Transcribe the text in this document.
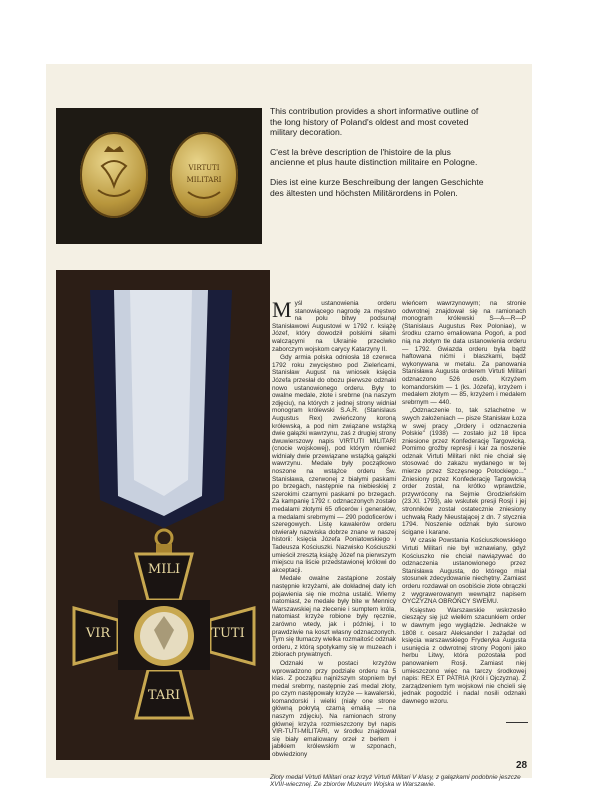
VIRTUTI
MILITARI

This contribution provides a short informative outline of the long history of Poland's oldest and most coveted military decoration.

C'est la brève description de l'histoire de la plus ancienne et plus haute distinction militaire en Pologne.

Dies ist eine kurze Beschreibung der langen Geschichte des ältesten und höchsten Militärordens in Polen.

MILI
VIR	TUTI
TARI

Myśl ustanowienia orderu stanowiącego nagrodę za męstwo na polu bitwy podsunął Stanisławowi Augustowi w 1792 r. książę Józef, który dowodził polskimi siłami walczącymi na Ukrainie przeciwko zaborczym wojskom carycy Katarzyny II.

Gdy armia polska odniosła 18 czerwca 1792 roku zwycięstwo pod Zieleńcami, Stanisław August na wniosek księcia Józefa przesłał do obozu pierwsze odznaki nowo ustanowionego orderu. Były to owalne medale, złote i srebrne (na naszym zdjęciu), na których z jednej strony widniał monogram królewski S.A.R. (Stanislaus Augustus Rex) zwieńczony koroną królewską, a pod nim związane wstążką dwie gałązki wawrzynu, zaś z drugiej strony dwuwierszowy napis VIRTUTI MILITARI (cnocie wojskowej), pod którym również widniały dwie przewiązane wstążką gałązki wawrzynu. Medale były początkowo noszone na wstążce orderu Św. Stanisława, czerwonej z białymi paskami po brzegach, następnie na niebieskiej z szerokimi czarnymi paskami po brzegach. Za kampanię 1792 r. odznaczonych zostało medalami złotymi 65 oficerów i generałów, a medalami srebrnymi — 290 podoficerów i szeregowych. Listę kawalerów orderu otwierały nazwiska dobrze znane w naszej historii: księcia Józefa Poniatowskiego i Tadeusza Kościuszki. Nazwisko Kościuszki umieścił zresztą książę Józef na pierwszym miejscu na liście przedstawionej królowi do akceptacji.

Medale owalne zastąpione zostały następnie krzyżami, ale dokładnej daty ich pojawienia się nie można ustalić. Wiemy natomiast, że medale były bite w Mennicy Warszawskiej na zlecenie i sumptem króla, natomiast krzyże robione były ręcznie, zarówno wtedy, jak i później, i to prawdziwie na koszt własny odznaczonych. Tym się tłumaczy wielka rozmaitość odznak orderu, z którą spotykamy się w muzeach i zbiorach prywatnych.

Odznaki w postaci krzyżów wprowadzono przy podziale orderu na 5 klas. Z początku najniższym stopniem był medal srebrny, następnie zaś medal złoty, po czym następowały krzyże — kawalerski, komandorski i wielki (niały one strone główną pokrytą czarną emalią — na naszym zdjęciu). Na ramionach strony głównej krzyża rozmieszczony był napis VIR-TUTI-MILITARI, w środku znajdował się biały emaliowany orzeł z berłem i jabłkiem królewskim w szponach, obwiedziony

wieńcem wawrzynowym; na stronie odwrotnej znajdował się na ramionach monogram królewski S—A—R—P (Stanislaus Augustus Rex Poloniae), w środku czarno emaliowana Pogoń, a pod nią na złotym tle data ustanowienia orderu — 1792. Gwiazda orderu była bądź haftowana nićmi i blaszkami, bądź wykonywana w metalu. Za panowania Stanisława Augusta orderem Virtuti Militari odznaczono 526 osób. Krzyżem komandorskim — 1 (ks. Józefa), krzyżem i medalem złotym — 85, krzyżem i medalem srebrnym — 440.

„Odznaczenie to, tak szlachetne w swych założeniach — pisze Stanisław Łoza w swej pracy „Ordery i odznaczenia Polskie" (1938) — zostało już 18 lipca zniesione przez Konfederację Targowicką. Pomimo groźby represji i kar za noszenie odznak Virtuti Militari nikt nie chciał się stosować do zakazu wydanego w tej mierze przez Szczęsnego Potockiego..." Zniesiony przez Konfederację Targowicką order został, na krótko wprawdzie, przywrócony na Sejmie Grodzieńskim (23.XI. 1793), ale wskutek presji Rosji i jej stronników został ostatecznie zniesiony uchwałą Rady Nieustającej z dn. 7 stycznia 1794. Noszenie odznak było surowo ścigane i karane.

W czasie Powstania Kościuszkowskiego Virtuti Militari nie był wznawiany, gdyż Kościuszko nie chciał nawiązywać do odznaczenia ustanowionego przez Stanisława Augusta, do którego miał stosunek zdecydowanie niechętny. Zamiast orderu rozdawał on osobiście złote obrączki z wygrawerowanym wewnątrz napisem OYCZYZNA OBROŃCY SWEMU.

Księstwo Warszawskie wskrzesiło cieszący się już wielkim szacunkiem order w dawnym jego wyglądzie. Jednakże w 1808 r. cesarz Aleksander I zażądał od księcia warszawskiego Fryderyka Augusta usunięcia z odwrotnej strony Pogoni jako herbu Litwy, która pozostała pod panowaniem Rosji. Zamiast niej umieszczono więc na tarczy środkowej napis: REX ET PATRIA (Król i Ojczyzna). Z zarządzeniem tym wojskowi nie chcieli się jednak pogodzić i nadal nosili odznaki dawnego wzoru.

28
Złoty medal Virtuti Militari oraz krzyż Virtuti Militari V klasy, z gałązkami podobnie jeszcze XVIII-wiecznej. Ze zbiorów Muzeum Wojska w Warszawie.
